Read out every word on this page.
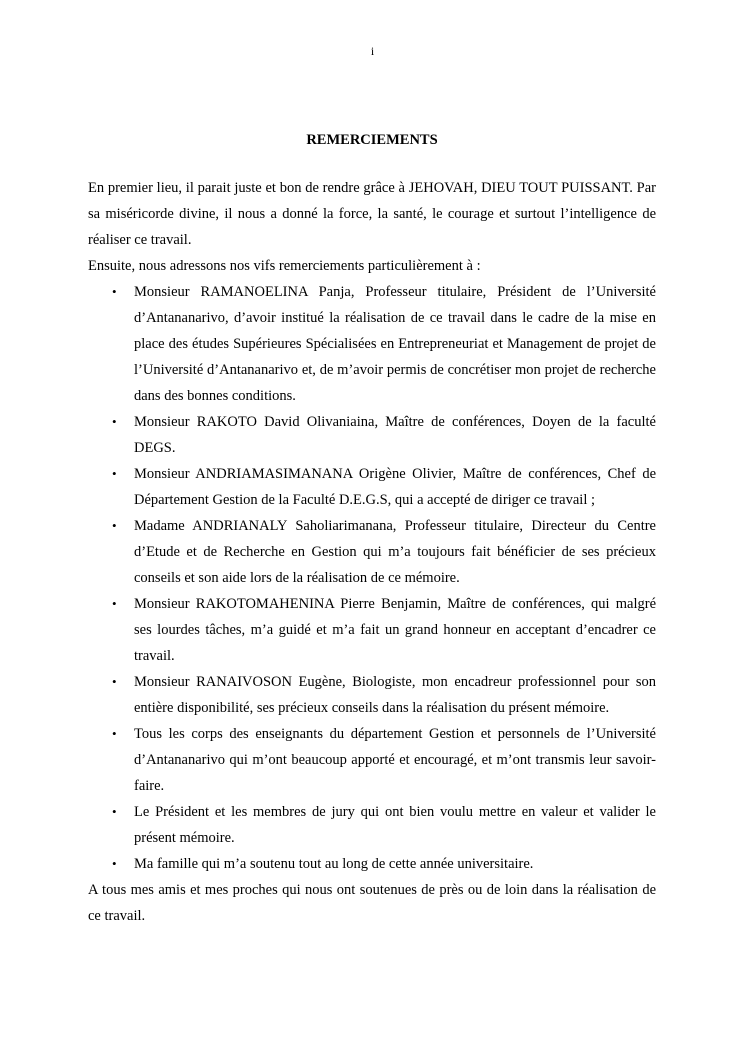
i
REMERCIEMENTS

En premier lieu, il parait juste et bon de rendre grâce à JEHOVAH, DIEU TOUT PUISSANT. Par sa miséricorde divine, il nous a donné la force, la santé, le courage et surtout l’intelligence de réaliser ce travail.

Ensuite, nous adressons nos vifs remerciements particulièrement à :

• Monsieur RAMANOELINA Panja, Professeur titulaire, Président de l’Université d’Antananarivo, d’avoir institué la réalisation de ce travail dans le cadre de la mise en place des études Supérieures Spécialisées en Entrepreneuriat et Management de projet de l’Université d’Antananarivo et, de m’avoir permis de concrétiser mon projet de recherche dans des bonnes conditions.
• Monsieur RAKOTO David Olivaniaina, Maître de conférences, Doyen de la faculté DEGS.
• Monsieur ANDRIAMASIMANANA Origène Olivier, Maître de conférences, Chef de Département Gestion de la Faculté D.E.G.S, qui a accepté de diriger ce travail ;
• Madame ANDRIANALY Saholiarimanana, Professeur titulaire, Directeur du Centre d’Etude et de Recherche en Gestion qui m’a toujours fait bénéficier de ses précieux conseils et son aide lors de la réalisation de ce mémoire.
• Monsieur RAKOTOMAHENINA Pierre Benjamin, Maître de conférences, qui malgré ses lourdes tâches, m’a guidé et m’a fait un grand honneur en acceptant d’encadrer ce travail.
• Monsieur RANAIVOSON Eugène, Biologiste, mon encadreur professionnel pour son entière disponibilité, ses précieux conseils dans la réalisation du présent mémoire.
• Tous les corps des enseignants du département Gestion et personnels de l’Université d’Antananarivo qui m’ont beaucoup apporté et encouragé, et m’ont transmis leur savoir-faire.
• Le Président et les membres de jury qui ont bien voulu mettre en valeur et valider le présent mémoire.
• Ma famille qui m’a soutenu tout au long de cette année universitaire.

A tous mes amis et mes proches qui nous ont soutenues de près ou de loin dans la réalisation de ce travail.
